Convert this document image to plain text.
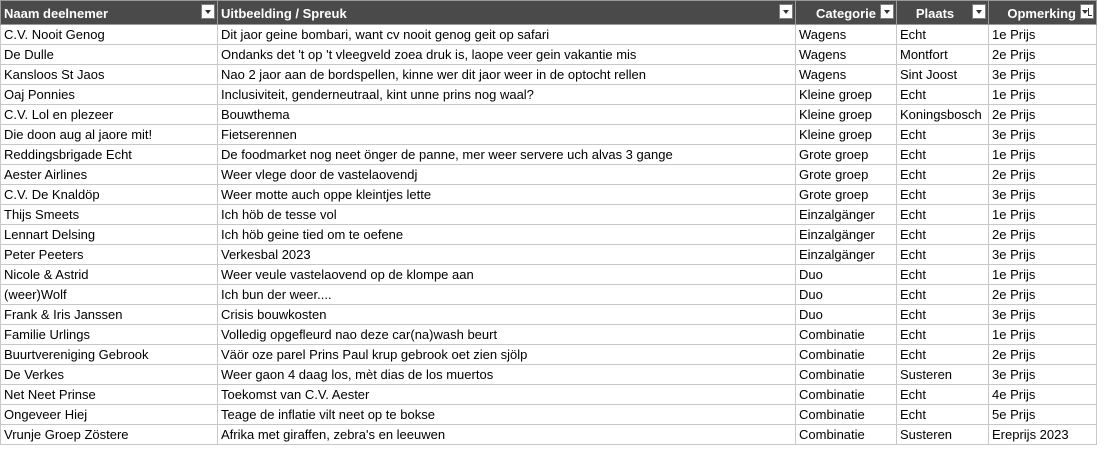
Naam deelnemer	Uitbeelding / Spreuk	Categorie	Plaats	Opmerking

C.V. Nooit Genog	Dit jaor geine bombari, want cv nooit genog geit op safari	Wagens	Echt	1e Prijs
De Dulle	Ondanks det 't op 't vleegveld zoea druk is, laope veer gein vakantie mis	Wagens	Montfort	2e Prijs
Kansloos St Jaos	Nao 2 jaor aan de bordspellen, kinne wer dit jaor weer in de optocht rellen	Wagens	Sint Joost	3e Prijs
Oaj Ponnies	Inclusiviteit, genderneutraal, kint unne prins nog waal?	Kleine groep	Echt	1e Prijs
C.V. Lol en plezeer	Bouwthema	Kleine groep	Koningsbosch	2e Prijs
Die doon aug al jaore mit!	Fietserennen	Kleine groep	Echt	3e Prijs
Reddingsbrigade Echt	De foodmarket nog neet önger de panne, mer weer servere uch alvas 3 gange	Grote groep	Echt	1e Prijs
Aester Airlines	Weer vlege door de vastelaovendj	Grote groep	Echt	2e Prijs
C.V. De Knaldöp	Weer motte auch oppe kleintjes lette	Grote groep	Echt	3e Prijs
Thijs Smeets	Ich höb de tesse vol	Einzalgänger	Echt	1e Prijs
Lennart Delsing	Ich höb geine tied om te oefene	Einzalgänger	Echt	2e Prijs
Peter Peeters	Verkesbal 2023	Einzalgänger	Echt	3e Prijs
Nicole & Astrid	Weer veule vastelaovend op de klompe aan	Duo	Echt	1e Prijs
(weer)Wolf	Ich bun der weer....	Duo	Echt	2e Prijs
Frank & Iris Janssen	Crisis bouwkosten	Duo	Echt	3e Prijs
Familie Urlings	Volledig opgefleurd nao deze car(na)wash beurt	Combinatie	Echt	1e Prijs
Buurtvereniging Gebrook	Väör oze parel Prins Paul krup gebrook oet zien sjölp	Combinatie	Echt	2e Prijs
De Verkes	Weer gaon 4 daag los, mèt dias de los muertos	Combinatie	Susteren	3e Prijs
Net Neet Prinse	Toekomst van C.V. Aester	Combinatie	Echt	4e Prijs
Ongeveer Hiej	Teage de inflatie vilt neet op te bokse	Combinatie	Echt	5e Prijs
Vrunje Groep Zöstere	Afrika met giraffen, zebra's en leeuwen	Combinatie	Susteren	Ereprijs 2023
